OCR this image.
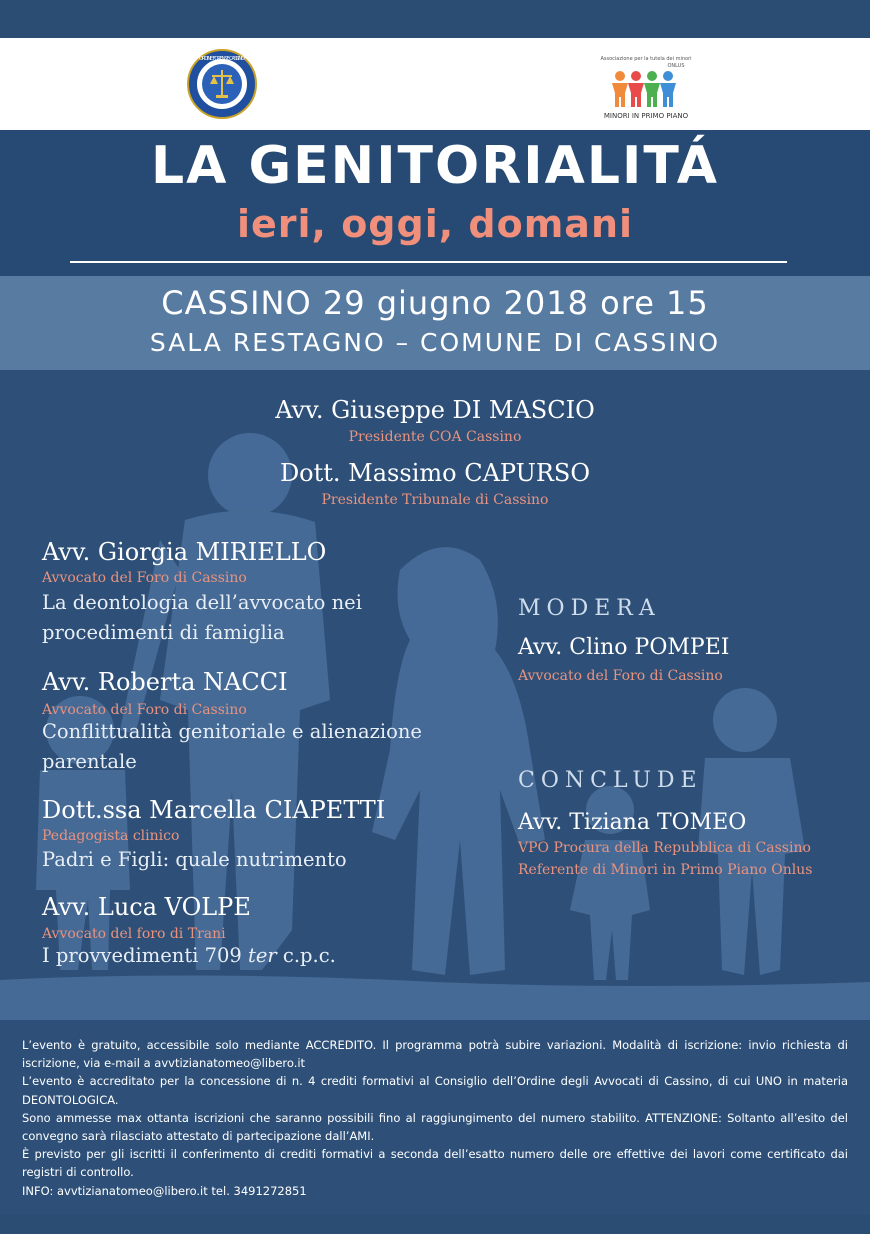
ORDINE FORENSE CASSINO	Associazione per la tutela dei minori
ONLUS
MINORI IN PRIMO PIANO
LA GENITORIALITÁ
ieri, oggi, domani
CASSINO 29 giugno 2018 ore 15
SALA RESTAGNO – COMUNE DI CASSINO
Avv. Giuseppe DI MASCIO
Presidente COA Cassino
Dott. Massimo CAPURSO
Presidente Tribunale di Cassino
Avv. Giorgia MIRIELLO
Avvocato del Foro di Cassino
La deontologia dell’avvocato nei
procedimenti di famiglia
Avv. Roberta NACCI
Avvocato del Foro di Cassino
Conflittualità genitoriale e alienazione
parentale
Dott.ssa Marcella CIAPETTI
Pedagogista clinico
Padri e Figli: quale nutrimento
Avv. Luca VOLPE
Avvocato del foro di Trani
I provvedimenti 709 ter c.p.c.
MODERA
Avv. Clino POMPEI
Avvocato del Foro di Cassino
CONCLUDE
Avv. Tiziana TOMEO
VPO Procura della Repubblica di Cassino
Referente di Minori in Primo Piano Onlus

L’evento è gratuito, accessibile solo mediante ACCREDITO. Il programma potrà subire variazioni. Modalità di iscrizione: invio richiesta di iscrizione, via e-mail a avvtizianatomeo@libero.it

L’evento è accreditato per la concessione di n. 4 crediti formativi al Consiglio dell’Ordine degli Avvocati di Cassino, di cui UNO in materia DEONTOLOGICA.

Sono ammesse max ottanta iscrizioni che saranno possibili fino al raggiungimento del numero stabilito. ATTENZIONE: Soltanto all’esito del convegno sarà rilasciato attestato di partecipazione dall’AMI.

È previsto per gli iscritti il conferimento di crediti formativi a seconda dell’esatto numero delle ore effettive dei lavori come certificato dai registri di controllo.

INFO: avvtizianatomeo@libero.it tel. 3491272851
